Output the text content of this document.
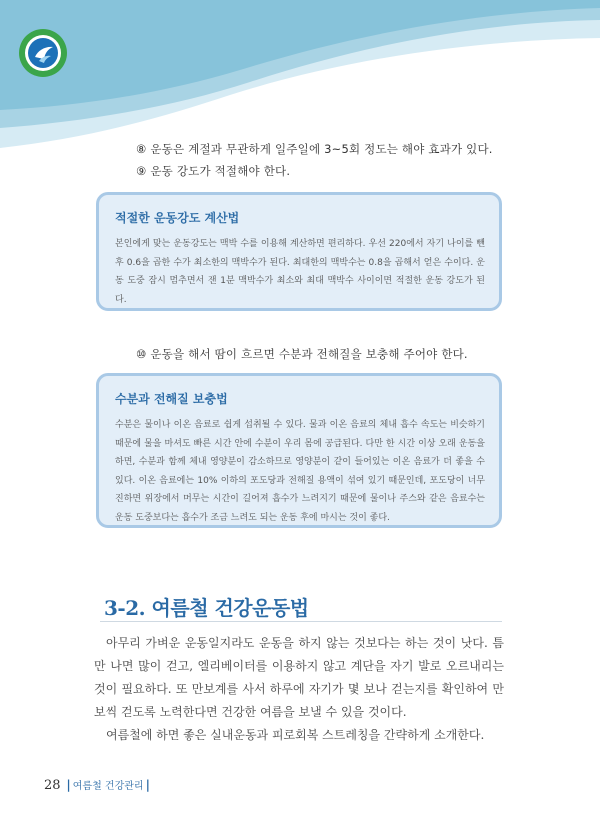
⑧ 운동은 계절과 무관하게 일주일에 3~5회 정도는 해야 효과가 있다.
⑨ 운동 강도가 적절해야 한다.
적절한 운동강도 계산법
본인에게 맞는 운동강도는 맥박 수를 이용해 계산하면 편리하다. 우선 220에서 자기 나이를 뺀 후 0.6을 곱한 수가 최소한의 맥박수가 된다. 최대한의 맥박수는 0.8을 곱해서 얻은 수이다. 운동 도중 잠시 멈추면서 잰 1분 맥박수가 최소와 최대 맥박수 사이이면 적절한 운동 강도가 된다.
⑩ 운동을 해서 땀이 흐르면 수분과 전해질을 보충해 주어야 한다.
수분과 전해질 보충법
수분은 물이나 이온 음료로 쉽게 섭취될 수 있다. 물과 이온 음료의 체내 흡수 속도는 비슷하기 때문에 물을 마셔도 빠른 시간 안에 수분이 우리 몸에 공급된다. 다만 한 시간 이상 오래 운동을 하면, 수분과 함께 체내 영양분이 감소하므로 영양분이 같이 들어있는 이온 음료가 더 좋을 수 있다. 이온 음료에는 10% 이하의 포도당과 전해질 용액이 섞여 있기 때문인데, 포도당이 너무 진하면 위장에서 머무는 시간이 길어져 흡수가 느려지기 때문에 물이나 주스와 같은 음료수는 운동 도중보다는 흡수가 조금 느려도 되는 운동 후에 마시는 것이 좋다.
3-2. 여름철 건강운동법

아무리 가벼운 운동일지라도 운동을 하지 않는 것보다는 하는 것이 낫다. 틈만 나면 많이 걷고, 엘리베이터를 이용하지 않고 계단을 자기 발로 오르내리는 것이 필요하다. 또 만보계를 사서 하루에 자기가 몇 보나 걷는지를 확인하여 만보씩 걷도록 노력한다면 건강한 여름을 보낼 수 있을 것이다.

여름철에 하면 좋은 실내운동과 피로회복 스트레칭을 간략하게 소개한다.

28 | 여름철 건강관리 |
